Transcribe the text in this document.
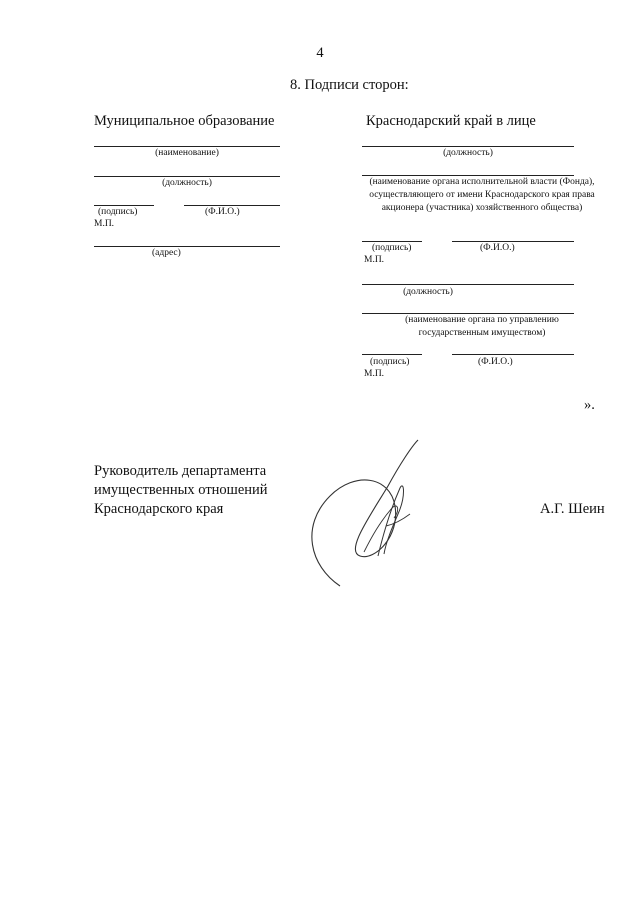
4
8. Подписи сторон:
Муниципальное образование
(наименование)
(должность)
(подпись)	(Ф.И.О.)
М.П.
(адрес)
Краснодарский край в лице
(должность)
(наименование органа исполнительной власти (Фонда), осуществляющего от имени Краснодарского края права акционера (участника) хозяйственного общества)
(подпись)	(Ф.И.О.)
М.П.
(должность)
(наименование органа по управлению государственным имуществом)
(подпись)	(Ф.И.О.)
М.П.
».
Руководитель департамента
имущественных отношений
Краснодарского края	А.Г. Шеин
